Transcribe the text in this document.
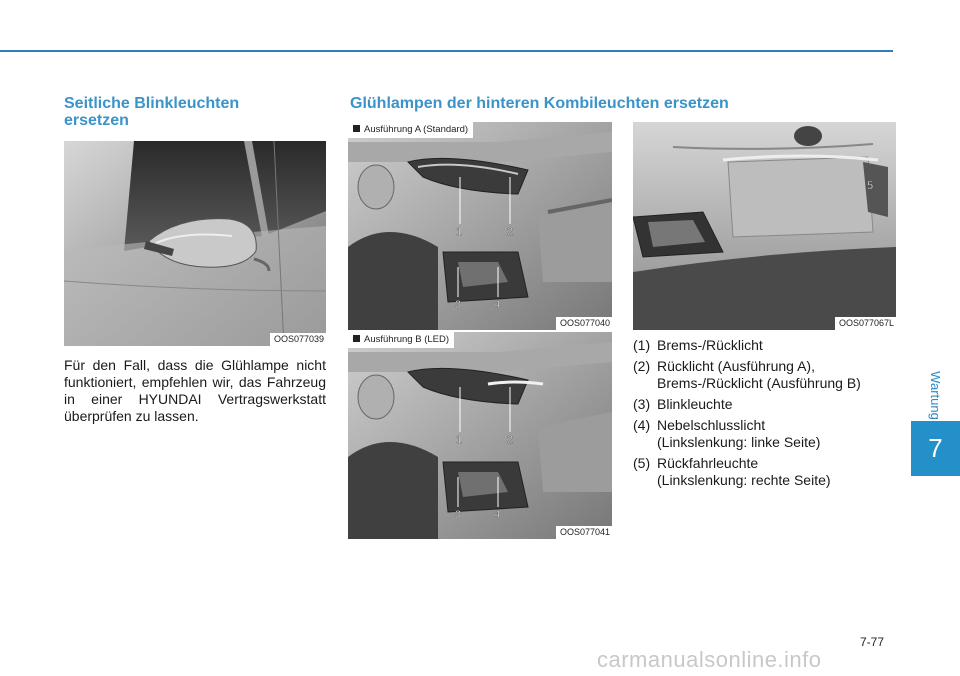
Wartung
7
Seitliche Blinkleuchten ersetzen
OOS077039

Für den Fall, dass die Glühlampe nicht funktioniert, empfehlen wir, das Fahrzeug in einer HYUNDAI Vertragswerkstatt überprüfen zu lassen.

Glühlampen der hinteren Kombileuchten ersetzen
1	2
3	4
Ausführung A (Standard)
OOS077040
5
OOS077067L
1	2
3	4
Ausführung B (LED)
OOS077041
(1) Brems-/Rücklicht
(2) Rücklicht (Ausführung A),
Brems-/Rücklicht (Ausführung B)
(3) Blinkleuchte
(4) Nebelschlusslicht
(Linkslenkung: linke Seite)
(5) Rückfahrleuchte
(Linkslenkung: rechte Seite)
7-77
carmanualsonline.info
